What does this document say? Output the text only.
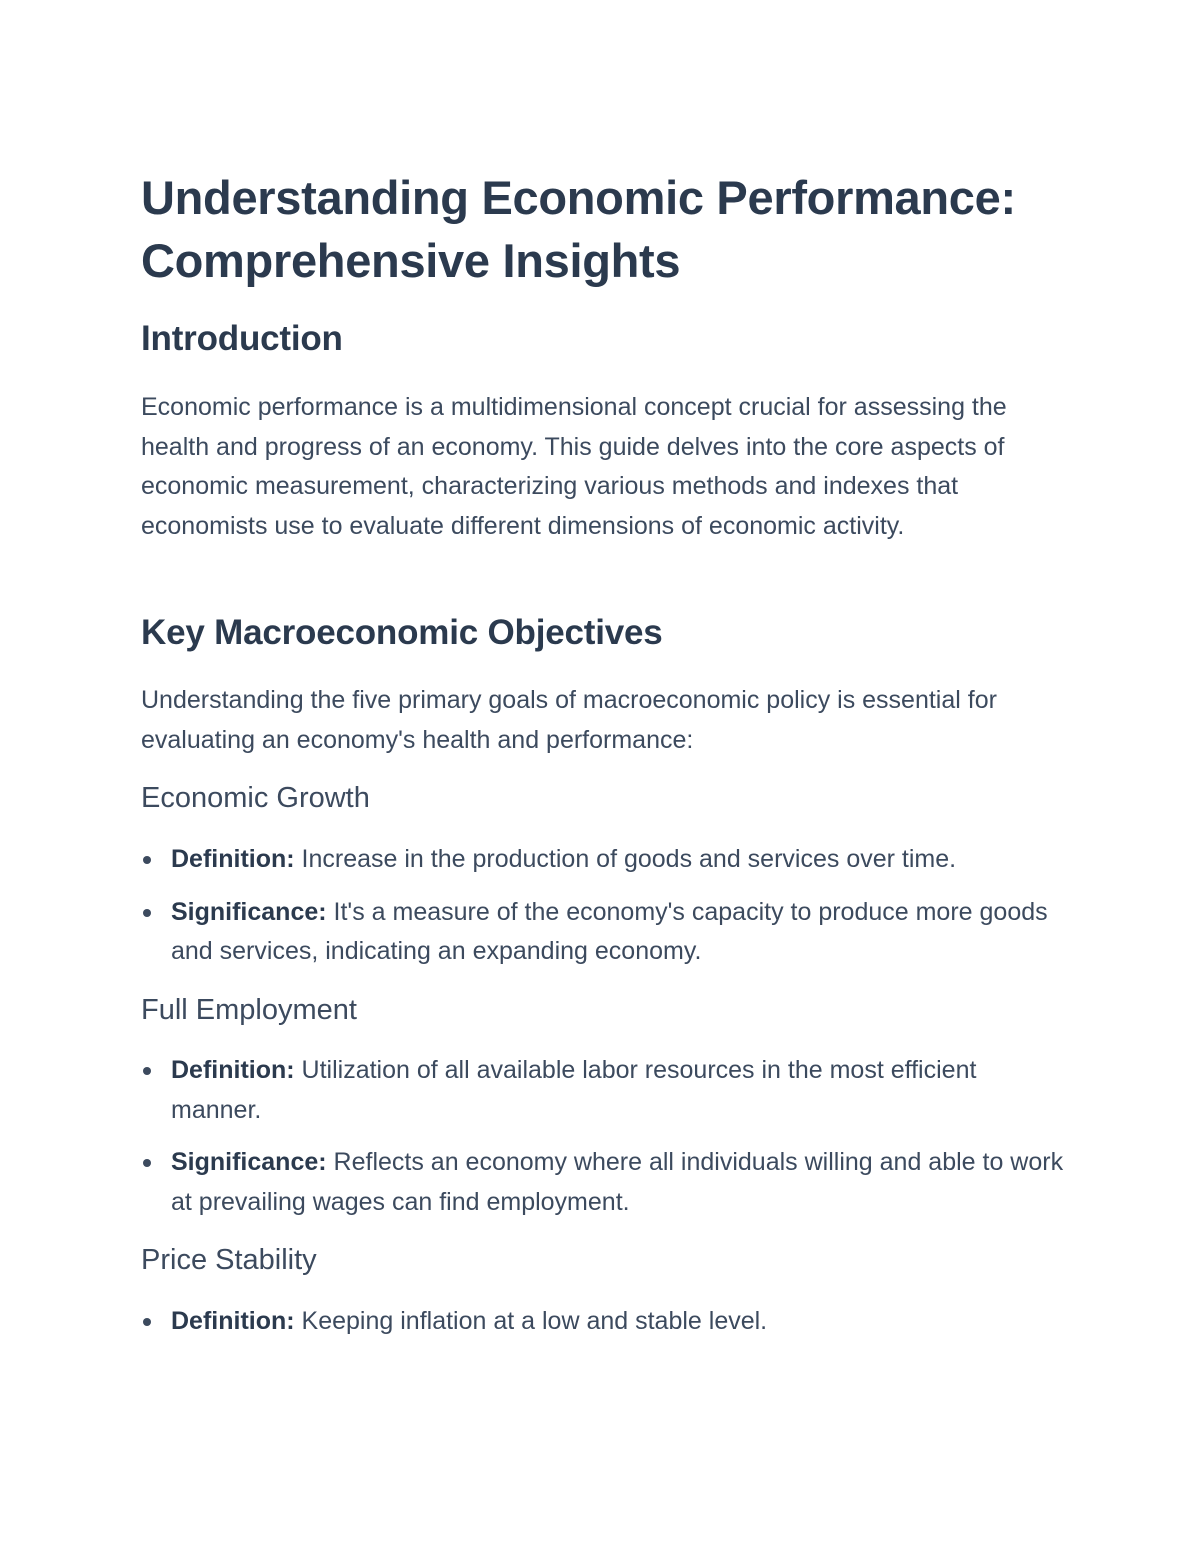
Understanding Economic Performance: Comprehensive Insights
Introduction

Economic performance is a multidimensional concept crucial for assessing the health and progress of an economy. This guide delves into the core aspects of economic measurement, characterizing various methods and indexes that economists use to evaluate different dimensions of economic activity.

Key Macroeconomic Objectives

Understanding the five primary goals of macroeconomic policy is essential for evaluating an economy's health and performance:

Economic Growth
Definition: Increase in the production of goods and services over time.
Significance: It's a measure of the economy's capacity to produce more goods and services, indicating an expanding economy.
Full Employment
Definition: Utilization of all available labor resources in the most efficient manner.
Significance: Reflects an economy where all individuals willing and able to work at prevailing wages can find employment.
Price Stability
Definition: Keeping inflation at a low and stable level.
